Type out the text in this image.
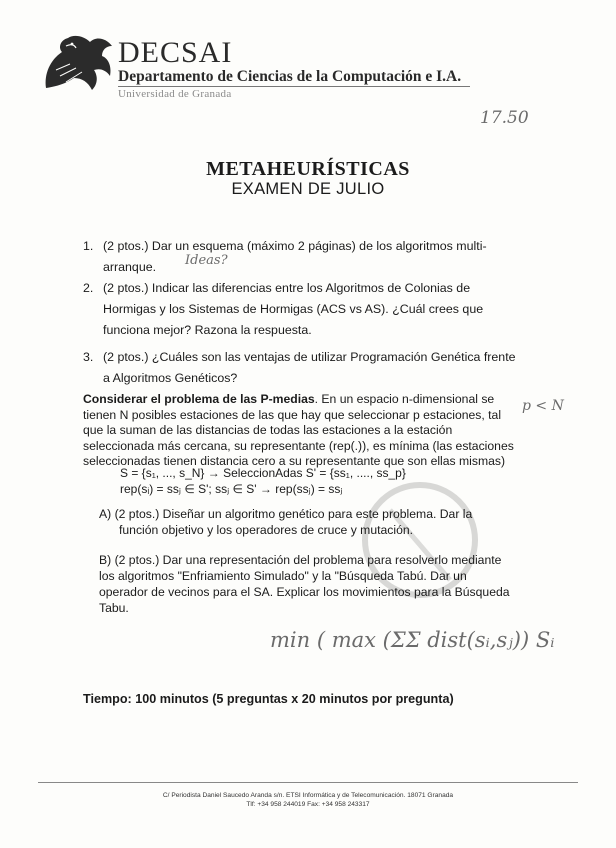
DECSAI
Departamento de Ciencias de la Computación e I.A.
Universidad de Granada
17.50
METAHEURÍSTICAS
EXAMEN DE JULIO
1. (2 ptos.) Dar un esquema (máximo 2 páginas) de los algoritmos multi-
arranque.	Ideas?
2. (2 ptos.) Indicar las diferencias entre los Algoritmos de Colonias de
Hormigas y los Sistemas de Hormigas (ACS vs AS). ¿Cuál crees que
funciona mejor? Razona la respuesta.
3. (2 ptos.) ¿Cuáles son las ventajas de utilizar Programación Genética frente
a Algoritmos Genéticos?
Considerar el problema de las P-medias. En un espacio n-dimensional se
tienen N posibles estaciones de las que hay que seleccionar p estaciones, tal
que la suman de las distancias de todas las estaciones a la estación
seleccionada más cercana, su representante (rep(.)), es mínima (las estaciones
seleccionadas tienen distancia cero a su representante que son ellas mismas)
p < N
S = {s₁, ..., s_N} → SeleccionAdas S' = {ss₁, ...., ss_p}
rep(sᵢ) = ssⱼ ∈ S'; ssⱼ ∈ S' → rep(ssⱼ) = ssⱼ
A) (2 ptos.) Diseñar un algoritmo genético para este problema. Dar la
función objetivo y los operadores de cruce y mutación.
B) (2 ptos.) Dar una representación del problema para resolverlo mediante
los algoritmos "Enfriamiento Simulado" y la "Búsqueda Tabú. Dar un
operador de vecinos para el SA. Explicar los movimientos para la Búsqueda
Tabu.
min ( max (ΣΣ dist(sᵢ,sⱼ)) Sᵢ
Tiempo: 100 minutos (5 preguntas x 20 minutos por pregunta)
C/ Periodista Daniel Saucedo Aranda s/n. ETSI Informática y de Telecomunicación. 18071 Granada
Tlf: +34 958 244019 Fax: +34 958 243317
